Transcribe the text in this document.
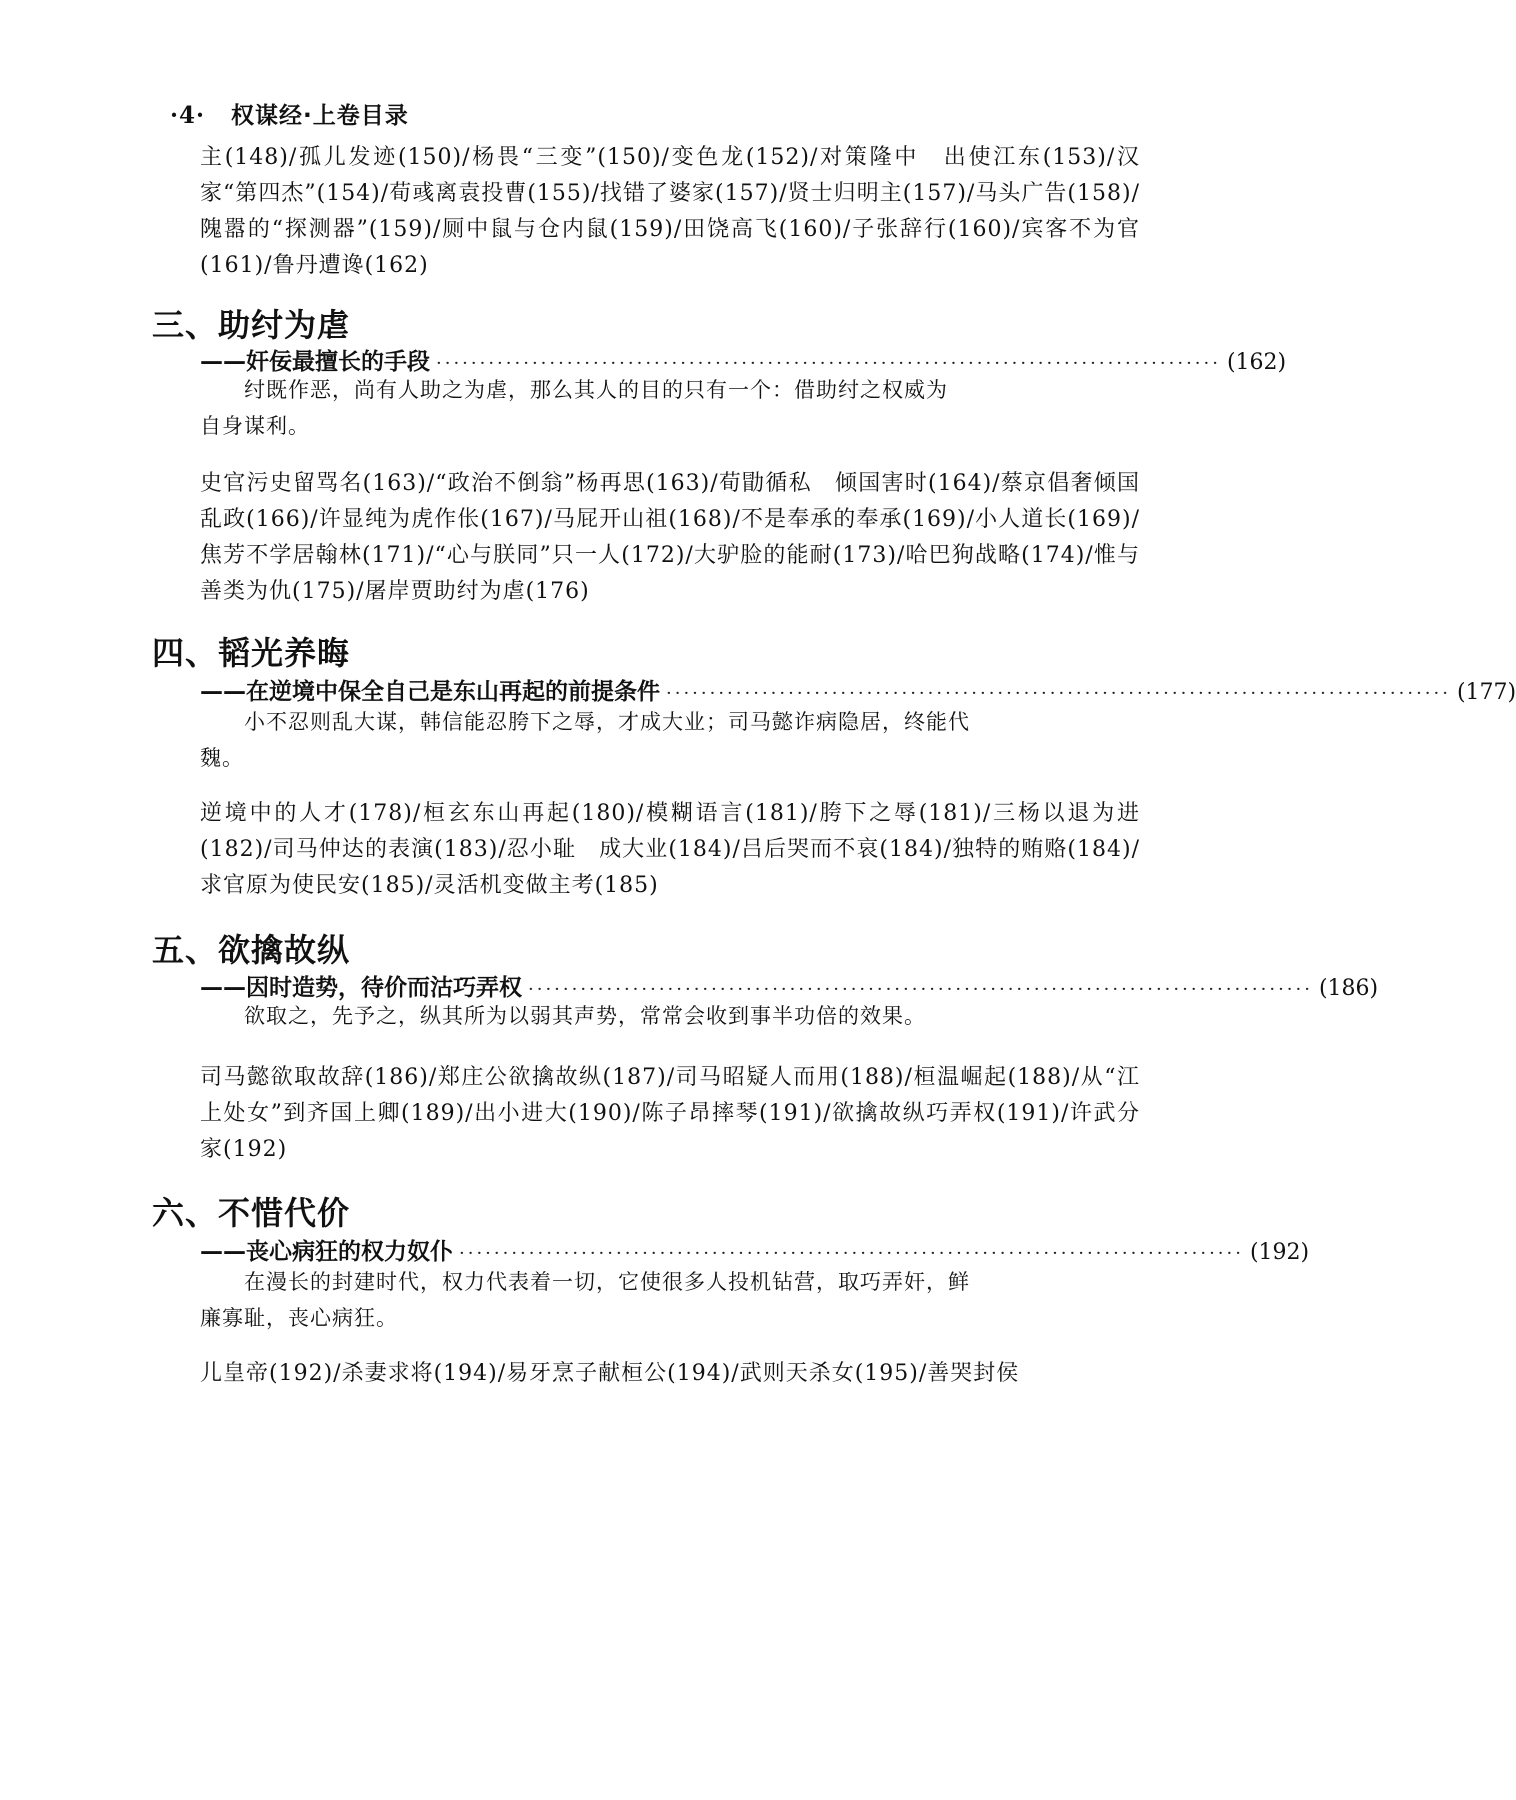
·4· 权谋经·上卷目录
主(148)/孤儿发迹(150)/杨畏“三变”(150)/变色龙(152)/对策隆中　出使江东(153)/汉家“第四杰”(154)/荀彧离袁投曹(155)/找错了婆家(157)/贤士归明主(157)/马头广告(158)/隗嚣的“探测器”(159)/厕中鼠与仓内鼠(159)/田饶高飞(160)/子张辞行(160)/宾客不为官(161)/鲁丹遭谗(162)
三、助纣为虐
——奸佞最擅长的手段 ·························································································· (162)
纣既作恶，尚有人助之为虐，那么其人的目的只有一个：借助纣之权威为
自身谋利。
史官污史留骂名(163)/“政治不倒翁”杨再思(163)/荀勖循私　倾国害时(164)/蔡京倡奢倾国乱政(166)/许显纯为虎作伥(167)/马屁开山祖(168)/不是奉承的奉承(169)/小人道长(169)/焦芳不学居翰林(171)/“心与朕同”只一人(172)/大驴脸的能耐(173)/哈巴狗战略(174)/惟与善类为仇(175)/屠岸贾助纣为虐(176)
四、韬光养晦
——在逆境中保全自己是东山再起的前提条件 ·························································································· (177)
小不忍则乱大谋，韩信能忍胯下之辱，才成大业；司马懿诈病隐居，终能代
魏。
逆境中的人才(178)/桓玄东山再起(180)/模糊语言(181)/胯下之辱(181)/三杨以退为进(182)/司马仲达的表演(183)/忍小耻　成大业(184)/吕后哭而不哀(184)/独特的贿赂(184)/求官原为使民安(185)/灵活机变做主考(185)
五、欲擒故纵
——因时造势，待价而沽巧弄权 ·························································································· (186)
欲取之，先予之，纵其所为以弱其声势，常常会收到事半功倍的效果。
司马懿欲取故辞(186)/郑庄公欲擒故纵(187)/司马昭疑人而用(188)/桓温崛起(188)/从“江上处女”到齐国上卿(189)/出小进大(190)/陈子昂摔琴(191)/欲擒故纵巧弄权(191)/许武分家(192)
六、不惜代价
——丧心病狂的权力奴仆 ·························································································· (192)
在漫长的封建时代，权力代表着一切，它使很多人投机钻营，取巧弄奸，鲜
廉寡耻，丧心病狂。
儿皇帝(192)/杀妻求将(194)/易牙烹子献桓公(194)/武则天杀女(195)/善哭封侯
